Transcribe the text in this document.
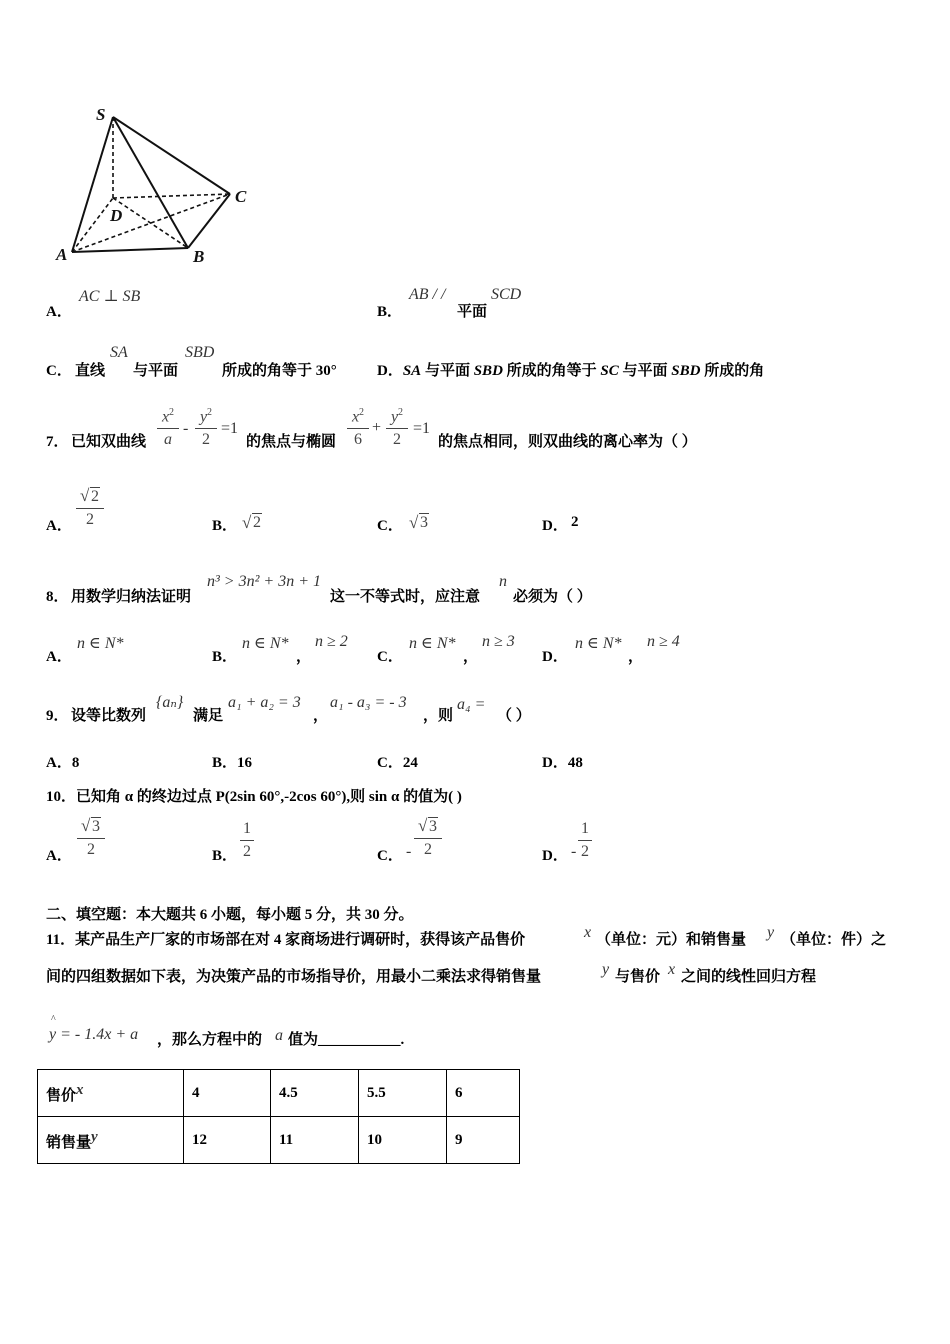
S
A	B
C
D
A．
AC ⊥ SB
B．
AB / /
平面
SCD
C． 直线
SA
与平面
SBD
所成的角等于 30°	D．SA 与平面 SBD 所成的角等于 SC 与平面 SBD 所成的角
7． 已知双曲线
$x^2$
a
-
$y^2$
2
=1
的焦点与椭圆
$x^2$
6
+
$y^2$
2
=1
的焦点相同，则双曲线的离心率为（ ）
A．
√ 2
2	B． √ 2	C．	√ 3	D． 2
8． 用数学归纳法证明
n³ > 3n² + 3n + 1
这一不等式时，应注意
n
必须为（ ）
A．
n ∈ N*
B．
n ∈ N*
，
n ≥ 2
C．
n ∈ N*
，
n ≥ 3
D．
n ∈ N*
，
n ≥ 4
9． 设等比数列
{aₙ}
满足
a₁ + a₂ = 3
，
a₁ - a₃ = - 3
，则
a₄ =
（ ）
A．8	B．16	C．24	D．48
10．已知角 α 的终边过点 P(2sin 60°,-2cos 60°),则 sin α 的值为( )
A．
√ 3
2	B．
1
2	C． -
√ 3
2	D． -
1
2
二、填空题：本大题共 6 小题，每小题 5 分，共 30 分。
11．某产品生产厂家的市场部在对 4 家商场进行调研时，获得该产品售价	x （单位：元）和销售量 y （单位：件）之
间的四组数据如下表，为决策产品的市场指导价，用最小二乘法求得销售量	y 与售价 x 之间的线性回归方程
^
y = - 1.4x + a ，那么方程中的 a 值为___________.
售价$^x$	4	4.5	5.5	6
销售量$^y$	12	11	10	9
